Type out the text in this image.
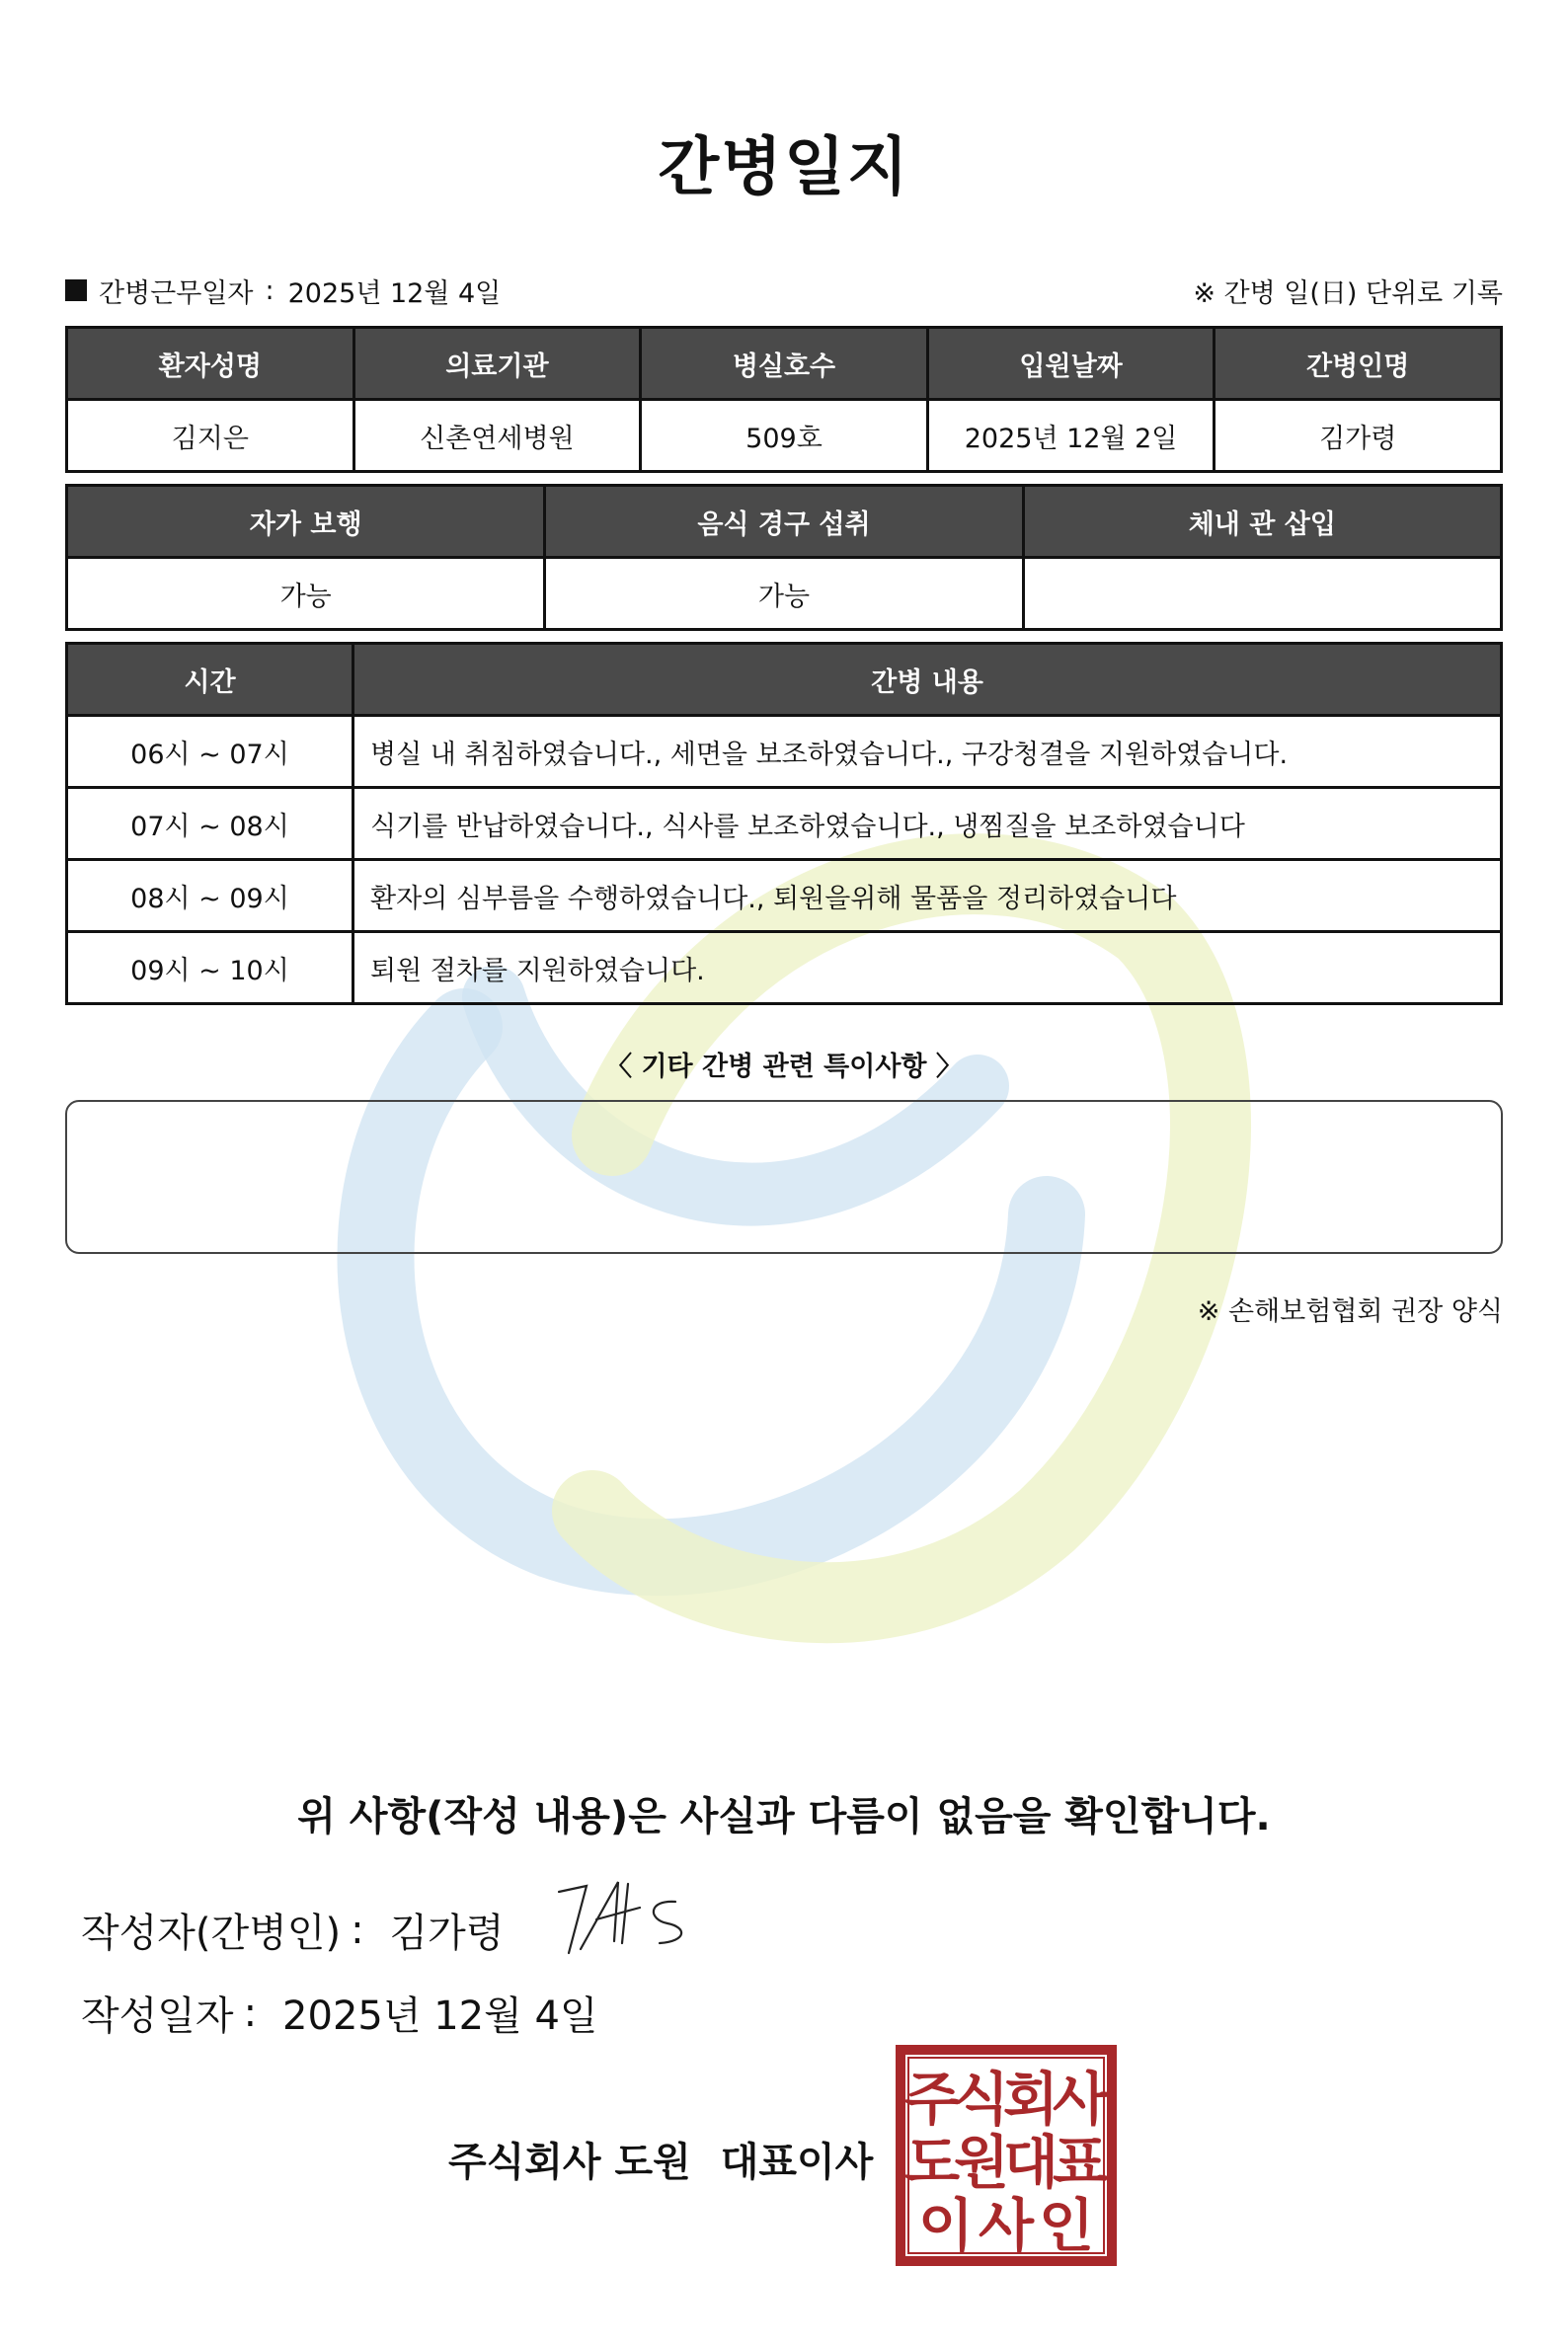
간병일지
간병근무일자 : 2025년 12월 4일	※ 간병 일(日) 단위로 기록
환자성명	의료기관	병실호수	입원날짜	간병인명
김지은	신촌연세병원	509호	2025년 12월 2일	김가령
자가 보행	음식 경구 섭취	체내 관 삽입
가능	가능	
시간	간병 내용
06시 ~ 07시	병실 내 취침하였습니다., 세면을 보조하였습니다., 구강청결을 지원하였습니다.
07시 ~ 08시	식기를 반납하였습니다., 식사를 보조하였습니다., 냉찜질을 보조하였습니다
08시 ~ 09시	환자의 심부름을 수행하였습니다., 퇴원을위해 물품을 정리하였습니다
09시 ~ 10시	퇴원 절차를 지원하였습니다.
〈 기타 간병 관련 특이사항 〉
※ 손해보험협회 권장 양식
위 사항(작성 내용)은 사실과 다름이 없음을 확인합니다.
작성자(간병인) : 김가령
작성일자 : 2025년 12월 4일
주식회사 도원 대표이사
주
식
회
사
도
원
대
표
이 사 인
